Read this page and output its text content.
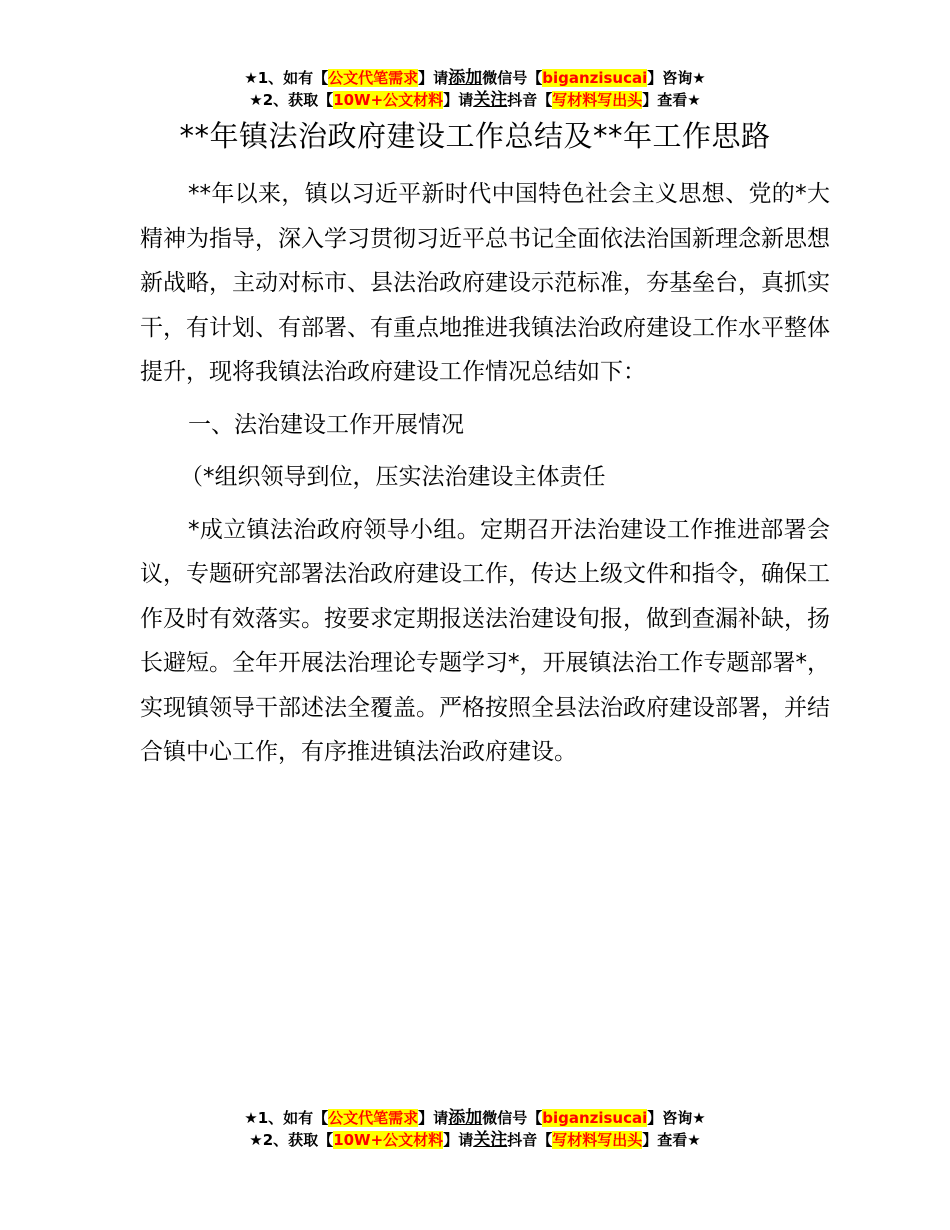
★1、如有【公文代笔需求】请添加微信号【biganzisucai】咨询★
★2、获取【10W+公文材料】请关注抖音【写材料写出头】查看★
**年镇法治政府建设工作总结及**年工作思路

**年以来，镇以习近平新时代中国特色社会主义思想、党的*大精神为指导，深入学习贯彻习近平总书记全面依法治国新理念新思想新战略，主动对标市、县法治政府建设示范标准，夯基垒台，真抓实干，有计划、有部署、有重点地推进我镇法治政府建设工作水平整体提升，现将我镇法治政府建设工作情况总结如下：

一、法治建设工作开展情况

（*组织领导到位，压实法治建设主体责任

*成立镇法治政府领导小组。定期召开法治建设工作推进部署会议，专题研究部署法治政府建设工作，传达上级文件和指令，确保工作及时有效落实。按要求定期报送法治建设旬报，做到查漏补缺，扬长避短。全年开展法治理论专题学习*，开展镇法治工作专题部署*，实现镇领导干部述法全覆盖。严格按照全县法治政府建设部署，并结合镇中心工作，有序推进镇法治政府建设。

★1、如有【公文代笔需求】请添加微信号【biganzisucai】咨询★
★2、获取【10W+公文材料】请关注抖音【写材料写出头】查看★
